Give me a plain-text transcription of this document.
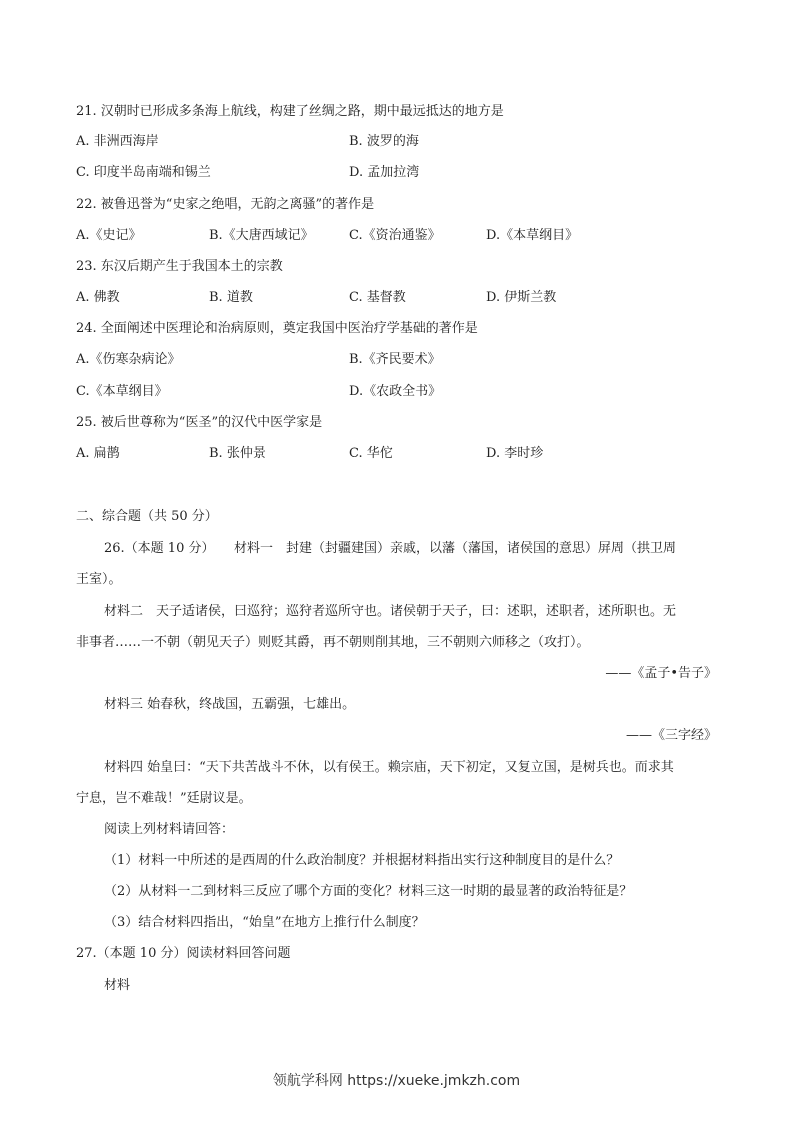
21. 汉朝时已形成多条海上航线，构建了丝绸之路，期中最远抵达的地方是
A. 非洲西海岸	B. 波罗的海
C. 印度半岛南端和锡兰	D. 孟加拉湾
22. 被鲁迅誉为“史家之绝唱，无韵之离骚”的著作是
A.《史记》	B.《大唐西域记》	C.《资治通鉴》	D.《本草纲目》
23. 东汉后期产生于我国本土的宗教
A. 佛教	B. 道教	C. 基督教	D. 伊斯兰教
24. 全面阐述中医理论和治病原则，奠定我国中医治疗学基础的著作是
A.《伤寒杂病论》	B.《齐民要术》
C.《本草纲目》	D.《农政全书》
25. 被后世尊称为“医圣”的汉代中医学家是
A. 扁鹊	B. 张仲景	C. 华佗	D. 李时珍
二、综合题（共 50 分）
26.（本题 10 分）　　材料一　封建（封疆建国）亲戚，以藩（藩国，诸侯国的意思）屏周（拱卫周
王室）。
材料二　天子适诸侯，曰巡狩；巡狩者巡所守也。诸侯朝于天子，曰：述职，述职者，述所职也。无
非事者……一不朝（朝见天子）则贬其爵，再不朝则削其地，三不朝则六师移之（攻打）。
——《孟子•告子》
材料三 始春秋，终战国，五霸强，七雄出。
——《三字经》
材料四 始皇曰：“天下共苦战斗不休，以有侯王。赖宗庙，天下初定，又复立国，是树兵也。而求其
宁息，岂不难哉！”廷尉议是。
阅读上列材料请回答：
（1）材料一中所述的是西周的什么政治制度？并根据材料指出实行这种制度目的是什么？
（2）从材料一二到材料三反应了哪个方面的变化？材料三这一时期的最显著的政治特征是？
（3）结合材料四指出，“始皇”在地方上推行什么制度？
27.（本题 10 分）阅读材料回答问题
材料
领航学科网 https://xueke.jmkzh.com
